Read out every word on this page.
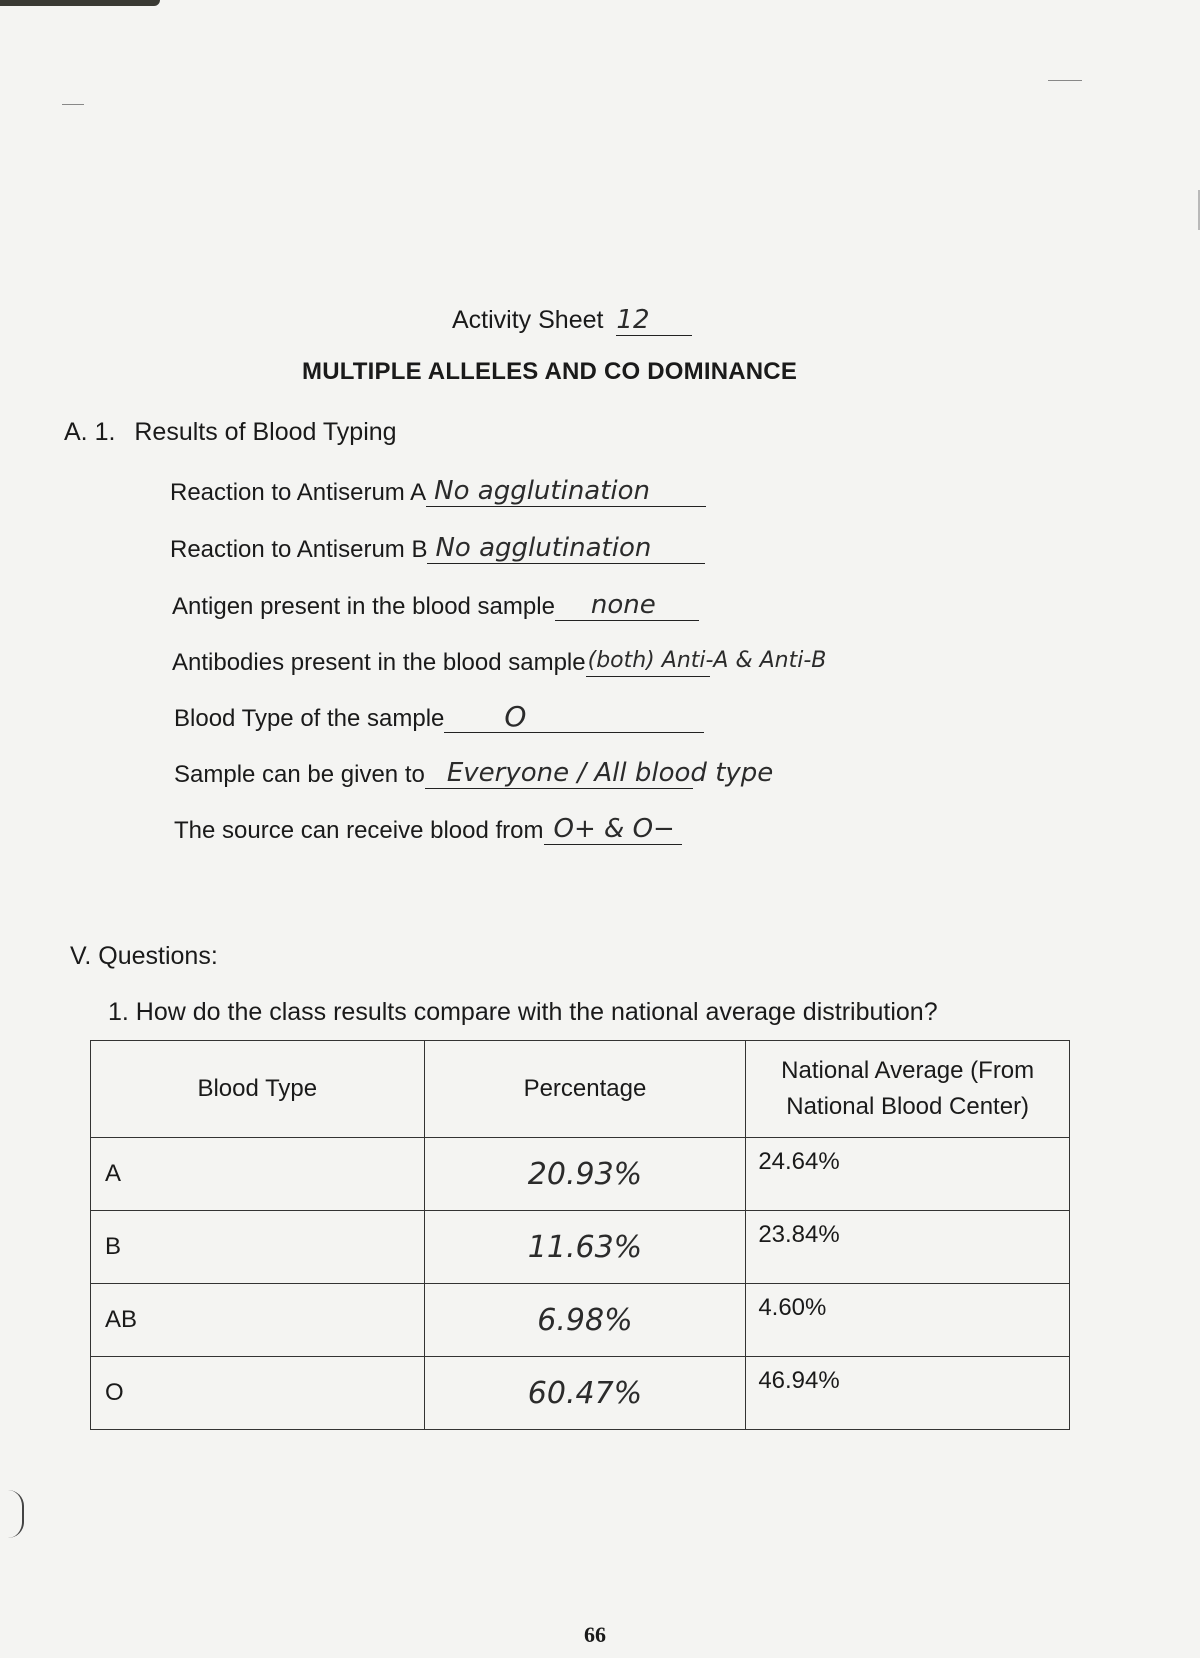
Activity Sheet 12
MULTIPLE ALLELES AND CO DOMINANCE
A. 1. Results of Blood Typing
Reaction to Antiserum A No agglutination
Reaction to Antiserum B No agglutination
Antigen present in the blood sample none
Antibodies present in the blood sample (both) Anti-A & Anti-B
Blood Type of the sample O
Sample can be given to Everyone / All blood type
The source can receive blood from O+ & O−
V. Questions:
1. How do the class results compare with the national average distribution?
Blood Type	Percentage	National Average (From National Blood Center)
A	20.93%	24.64%
B	11.63%	23.84%
AB	6.98%	4.60%
O	60.47%	46.94%
66
